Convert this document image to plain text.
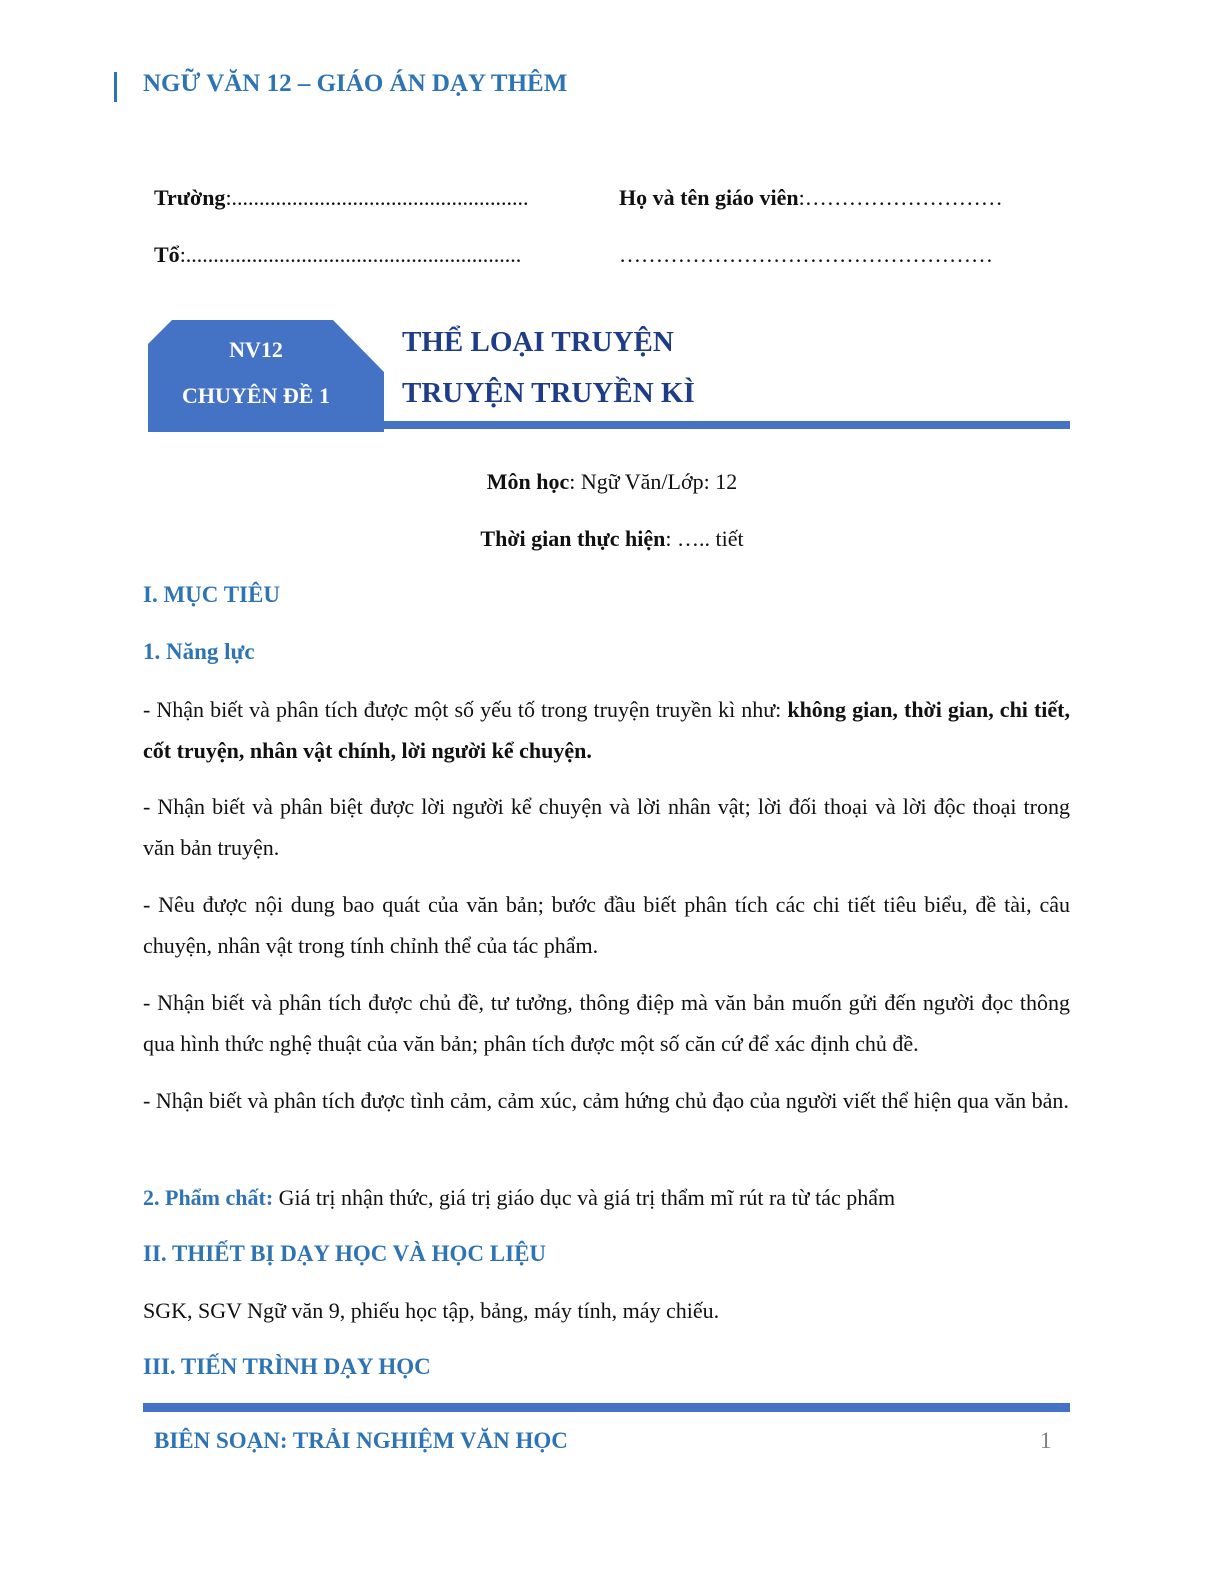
NGỮ VĂN 12 – GIÁO ÁN DẠY THÊM
Trường:......................................................	Họ và tên giáo viên:………………………
Tổ:.............................................................	……………………………………………
NV12
CHUYÊN ĐỀ 1
THỂ LOẠI TRUYỆN
TRUYỆN TRUYỀN KÌ
Môn học: Ngữ Văn/Lớp: 12
Thời gian thực hiện: ….. tiết
I. MỤC TIÊU
1. Năng lực
- Nhận biết và phân tích được một số yếu tố trong truyện truyền kì như: không gian, thời gian, chi tiết, cốt truyện, nhân vật chính, lời người kể chuyện.
- Nhận biết và phân biệt được lời người kể chuyện và lời nhân vật; lời đối thoại và lời độc thoại trong văn bản truyện.
- Nêu được nội dung bao quát của văn bản; bước đầu biết phân tích các chi tiết tiêu biểu, đề tài, câu chuyện, nhân vật trong tính chỉnh thể của tác phẩm.
- Nhận biết và phân tích được chủ đề, tư tưởng, thông điệp mà văn bản muốn gửi đến người đọc thông qua hình thức nghệ thuật của văn bản; phân tích được một số căn cứ để xác định chủ đề.
- Nhận biết và phân tích được tình cảm, cảm xúc, cảm hứng chủ đạo của người viết thể hiện qua văn bản.
2. Phẩm chất: Giá trị nhận thức, giá trị giáo dục và giá trị thẩm mĩ rút ra từ tác phẩm
II. THIẾT BỊ DẠY HỌC VÀ HỌC LIỆU
SGK, SGV Ngữ văn 9, phiếu học tập, bảng, máy tính, máy chiếu.
III. TIẾN TRÌNH DẠY HỌC
BIÊN SOẠN: TRẢI NGHIỆM VĂN HỌC	1
